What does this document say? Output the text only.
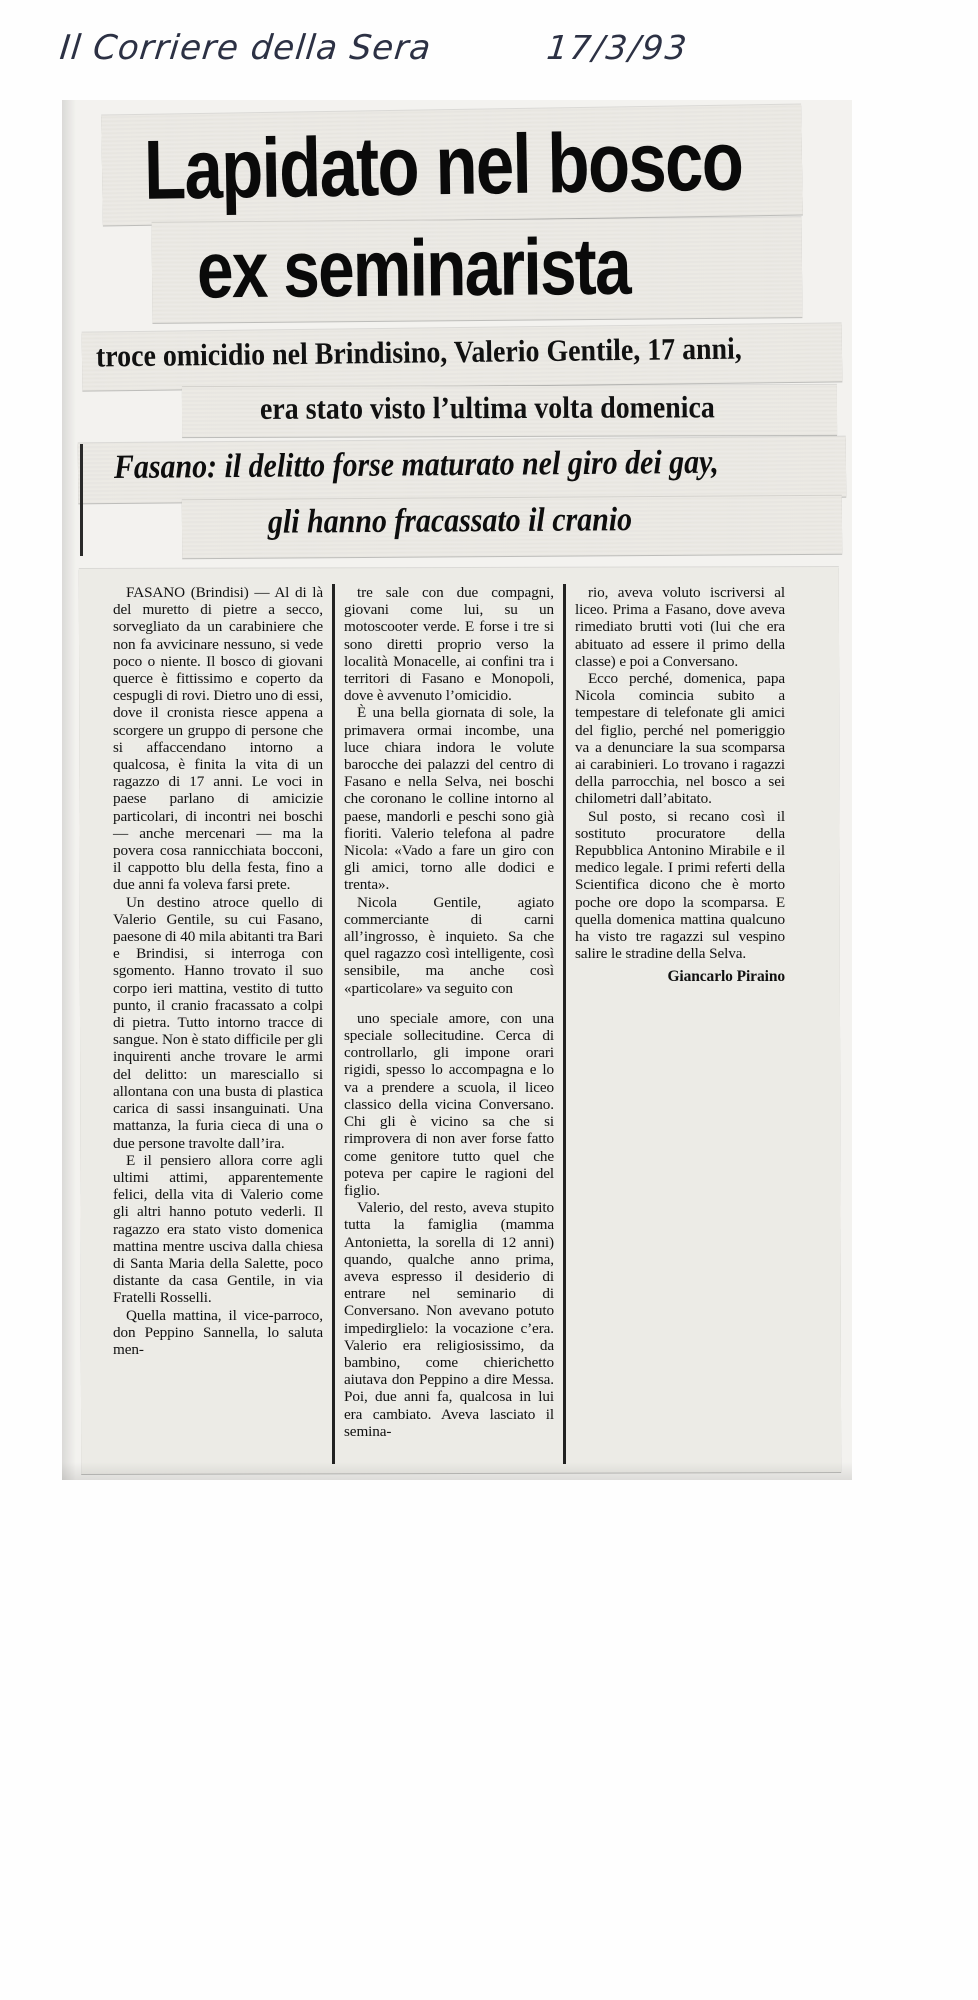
Il Corriere della Sera	17/3/93
Lapidato nel bosco
ex seminarista
troce omicidio nel Brindisino, Valerio Gentile, 17 anni,
era stato visto l’ultima volta domenica
Fasano: il delitto forse maturato nel giro dei gay,
gli hanno fracassato il cranio

FASANO (Brindisi) — Al di là del muretto di pietre a secco, sorvegliato da un carabiniere che non fa avvicinare nessuno, si vede poco o niente. Il bosco di giovani querce è fittissimo e coperto da cespugli di rovi. Dietro uno di essi, dove il cronista riesce appena a scorgere un gruppo di persone che si affaccendano intorno a qualcosa, è finita la vita di un ragazzo di 17 anni. Le voci in paese parlano di amicizie particolari, di incontri nei boschi — anche mercenari — ma la povera cosa rannicchiata bocconi, il cappotto blu della festa, fino a due anni fa voleva farsi prete.

Un destino atroce quello di Valerio Gentile, su cui Fasano, paesone di 40 mila abitanti tra Bari e Brindisi, si interroga con sgomento. Hanno trovato il suo corpo ieri mattina, vestito di tutto punto, il cranio fracassato a colpi di pietra. Tutto intorno tracce di sangue. Non è stato difficile per gli inquirenti anche trovare le armi del delitto: un maresciallo si allontana con una busta di plastica carica di sassi insanguinati. Una mattanza, la furia cieca di una o due persone travolte dall’ira.

E il pensiero allora corre agli ultimi attimi, apparentemente felici, della vita di Valerio come gli altri hanno potuto vederli. Il ragazzo era stato visto domenica mattina mentre usciva dalla chiesa di Santa Maria della Salette, poco distante da casa Gentile, in via Fratelli Rosselli.

Quella mattina, il vice-parroco, don Peppino Sannella, lo saluta men-

tre sale con due compagni, giovani come lui, su un motoscooter verde. E forse i tre si sono diretti proprio verso la località Monacelle, ai confini tra i territori di Fasano e Monopoli, dove è avvenuto l’omicidio.

È una bella giornata di sole, la primavera ormai incombe, una luce chiara indora le volute barocche dei palazzi del centro di Fasano e nella Selva, nei boschi che coronano le colline intorno al paese, mandorli e peschi sono già fioriti. Valerio telefona al padre Nicola: «Vado a fare un giro con gli amici, torno alle dodici e trenta».

Nicola Gentile, agiato commerciante di carni all’ingrosso, è inquieto. Sa che quel ragazzo così intelligente, così sensibile, ma anche così «particolare» va seguito con

uno speciale amore, con una speciale sollecitudine. Cerca di controllarlo, gli impone orari rigidi, spesso lo accompagna e lo va a prendere a scuola, il liceo classico della vicina Conversano. Chi gli è vicino sa che si rimprovera di non aver forse fatto come genitore tutto quel che poteva per capire le ragioni del figlio.

Valerio, del resto, aveva stupito tutta la famiglia (mamma Antonietta, la sorella di 12 anni) quando, qualche anno prima, aveva espresso il desiderio di entrare nel seminario di Conversano. Non avevano potuto impedirglielo: la vocazione c’era. Valerio era religiosissimo, da bambino, come chierichetto aiutava don Peppino a dire Messa. Poi, due anni fa, qualcosa in lui era cambiato. Aveva lasciato il semina-

rio, aveva voluto iscriversi al liceo. Prima a Fasano, dove aveva rimediato brutti voti (lui che era abituato ad essere il primo della classe) e poi a Conversano.

Ecco perché, domenica, papa Nicola comincia subito a tempestare di telefonate gli amici del figlio, perché nel pomeriggio va a denunciare la sua scomparsa ai carabinieri. Lo trovano i ragazzi della parrocchia, nel bosco a sei chilometri dall’abitato.

Sul posto, si recano così il sostituto procuratore della Repubblica Antonino Mirabile e il medico legale. I primi referti della Scientifica dicono che è morto poche ore dopo la scomparsa. E quella domenica mattina qualcuno ha visto tre ragazzi sul vespino salire le stradine della Selva.

Giancarlo Piraino
